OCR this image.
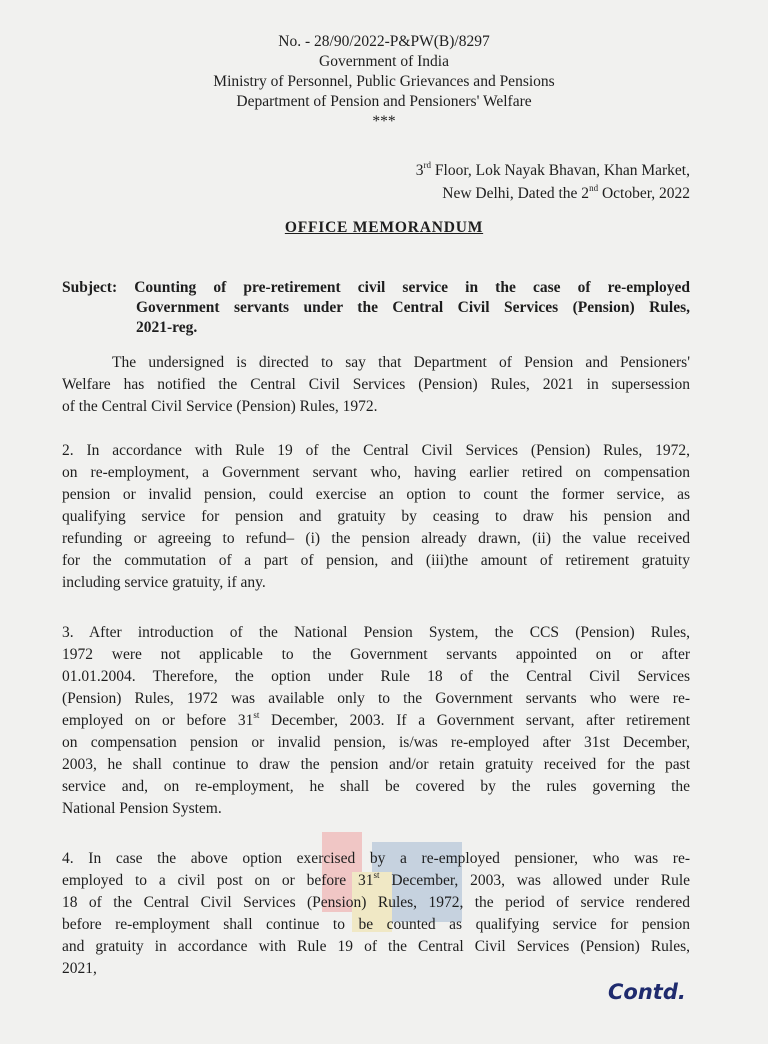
No. - 28/90/2022-P&PW(B)/8297
Government of India
Ministry of Personnel, Public Grievances and Pensions
Department of Pension and Pensioners' Welfare
***
3rd Floor, Lok Nayak Bhavan, Khan Market,
New Delhi, Dated the 2nd October, 2022
OFFICE MEMORANDUM
Subject: Counting of pre-retirement civil service in the case of re-employed
Government servants under the Central Civil Services (Pension) Rules,
2021-reg.
The undersigned is directed to say that Department of Pension and Pensioners'
Welfare has notified the Central Civil Services (Pension) Rules, 2021 in supersession
of the Central Civil Service (Pension) Rules, 1972.
2. In accordance with Rule 19 of the Central Civil Services (Pension) Rules, 1972,
on re-employment, a Government servant who, having earlier retired on compensation
pension or invalid pension, could exercise an option to count the former service, as
qualifying service for pension and gratuity by ceasing to draw his pension and
refunding or agreeing to refund– (i) the pension already drawn, (ii) the value received
for the commutation of a part of pension, and (iii)the amount of retirement gratuity
including service gratuity, if any.
3. After introduction of the National Pension System, the CCS (Pension) Rules,
1972 were not applicable to the Government servants appointed on or after
01.01.2004. Therefore, the option under Rule 18 of the Central Civil Services
(Pension) Rules, 1972 was available only to the Government servants who were re-
employed on or before 31st December, 2003. If a Government servant, after retirement
on compensation pension or invalid pension, is/was re-employed after 31st December,
2003, he shall continue to draw the pension and/or retain gratuity received for the past
service and, on re-employment, he shall be covered by the rules governing the
National Pension System.
4. In case the above option exercised by a re-employed pensioner, who was re-
employed to a civil post on or before 31st December, 2003, was allowed under Rule
18 of the Central Civil Services (Pension) Rules, 1972, the period of service rendered
before re-employment shall continue to be counted as qualifying service for pension
and gratuity in accordance with Rule 19 of the Central Civil Services (Pension) Rules,
2021,
Contd.
